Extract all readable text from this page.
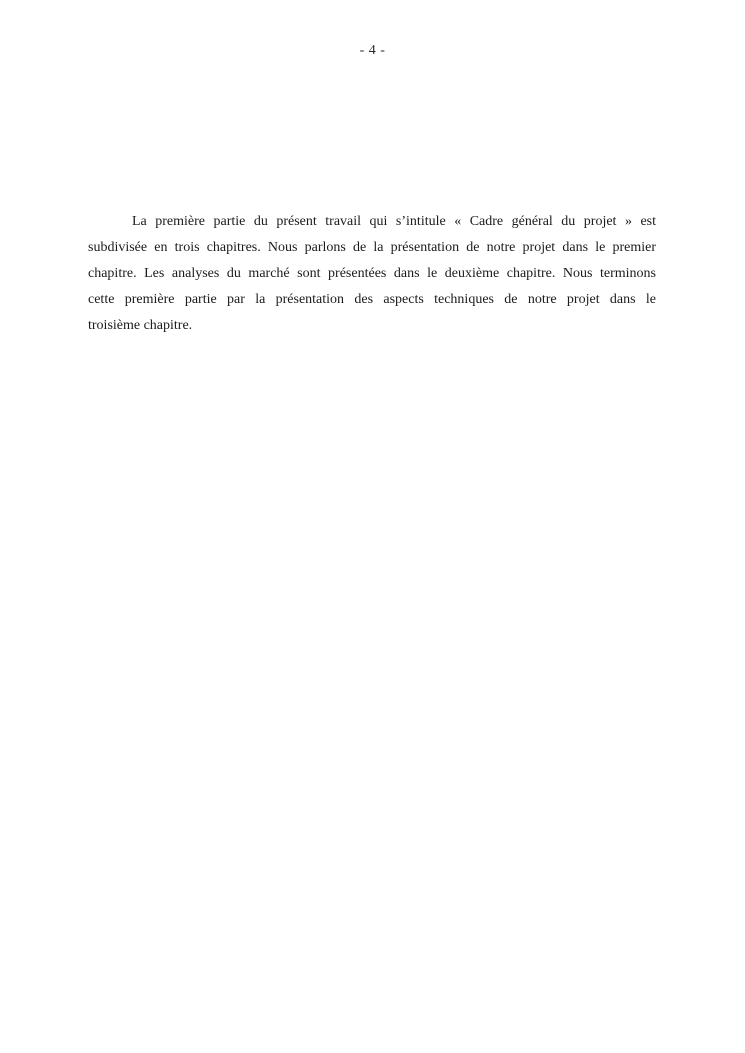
- 4 -
La première partie du présent travail qui s’intitule « Cadre général du projet » est
subdivisée en trois chapitres. Nous parlons de la présentation de notre projet dans le premier
chapitre. Les analyses du marché sont présentées dans le deuxième chapitre. Nous terminons
cette première partie par la présentation des aspects techniques de notre projet dans le
troisième chapitre.
